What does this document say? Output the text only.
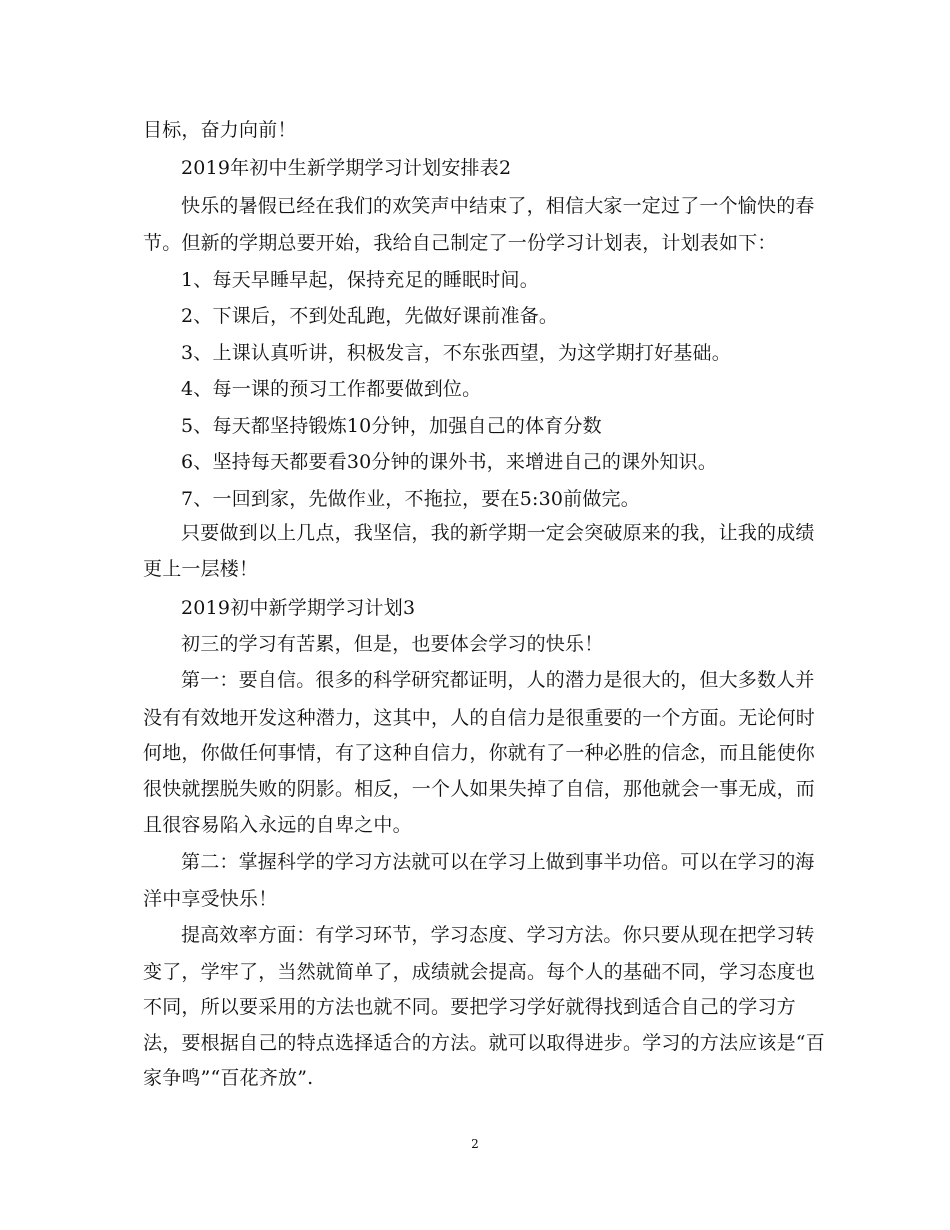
目标，奋力向前！
2019年初中生新学期学习计划安排表2
快乐的暑假已经在我们的欢笑声中结束了，相信大家一定过了一个愉快的春
节。但新的学期总要开始，我给自己制定了一份学习计划表，计划表如下：
1、每天早睡早起，保持充足的睡眠时间。
2、下课后，不到处乱跑，先做好课前准备。
3、上课认真听讲，积极发言，不东张西望，为这学期打好基础。
4、每一课的预习工作都要做到位。
5、每天都坚持锻炼10分钟，加强自己的体育分数
6、坚持每天都要看30分钟的课外书，来增进自己的课外知识。
7、一回到家，先做作业，不拖拉，要在5:30前做完。
只要做到以上几点，我坚信，我的新学期一定会突破原来的我，让我的成绩
更上一层楼！
2019初中新学期学习计划3
初三的学习有苦累，但是，也要体会学习的快乐！
第一：要自信。很多的科学研究都证明，人的潜力是很大的，但大多数人并
没有有效地开发这种潜力，这其中，人的自信力是很重要的一个方面。无论何时
何地，你做任何事情，有了这种自信力，你就有了一种必胜的信念，而且能使你
很快就摆脱失败的阴影。相反，一个人如果失掉了自信，那他就会一事无成，而
且很容易陷入永远的自卑之中。
第二：掌握科学的学习方法就可以在学习上做到事半功倍。可以在学习的海
洋中享受快乐！
提高效率方面：有学习环节，学习态度、学习方法。你只要从现在把学习转
变了，学牢了，当然就简单了，成绩就会提高。每个人的基础不同，学习态度也
不同，所以要采用的方法也就不同。要把学习学好就得找到适合自己的学习方
法，要根据自己的特点选择适合的方法。就可以取得进步。学习的方法应该是“百
家争鸣”“百花齐放”.
2
